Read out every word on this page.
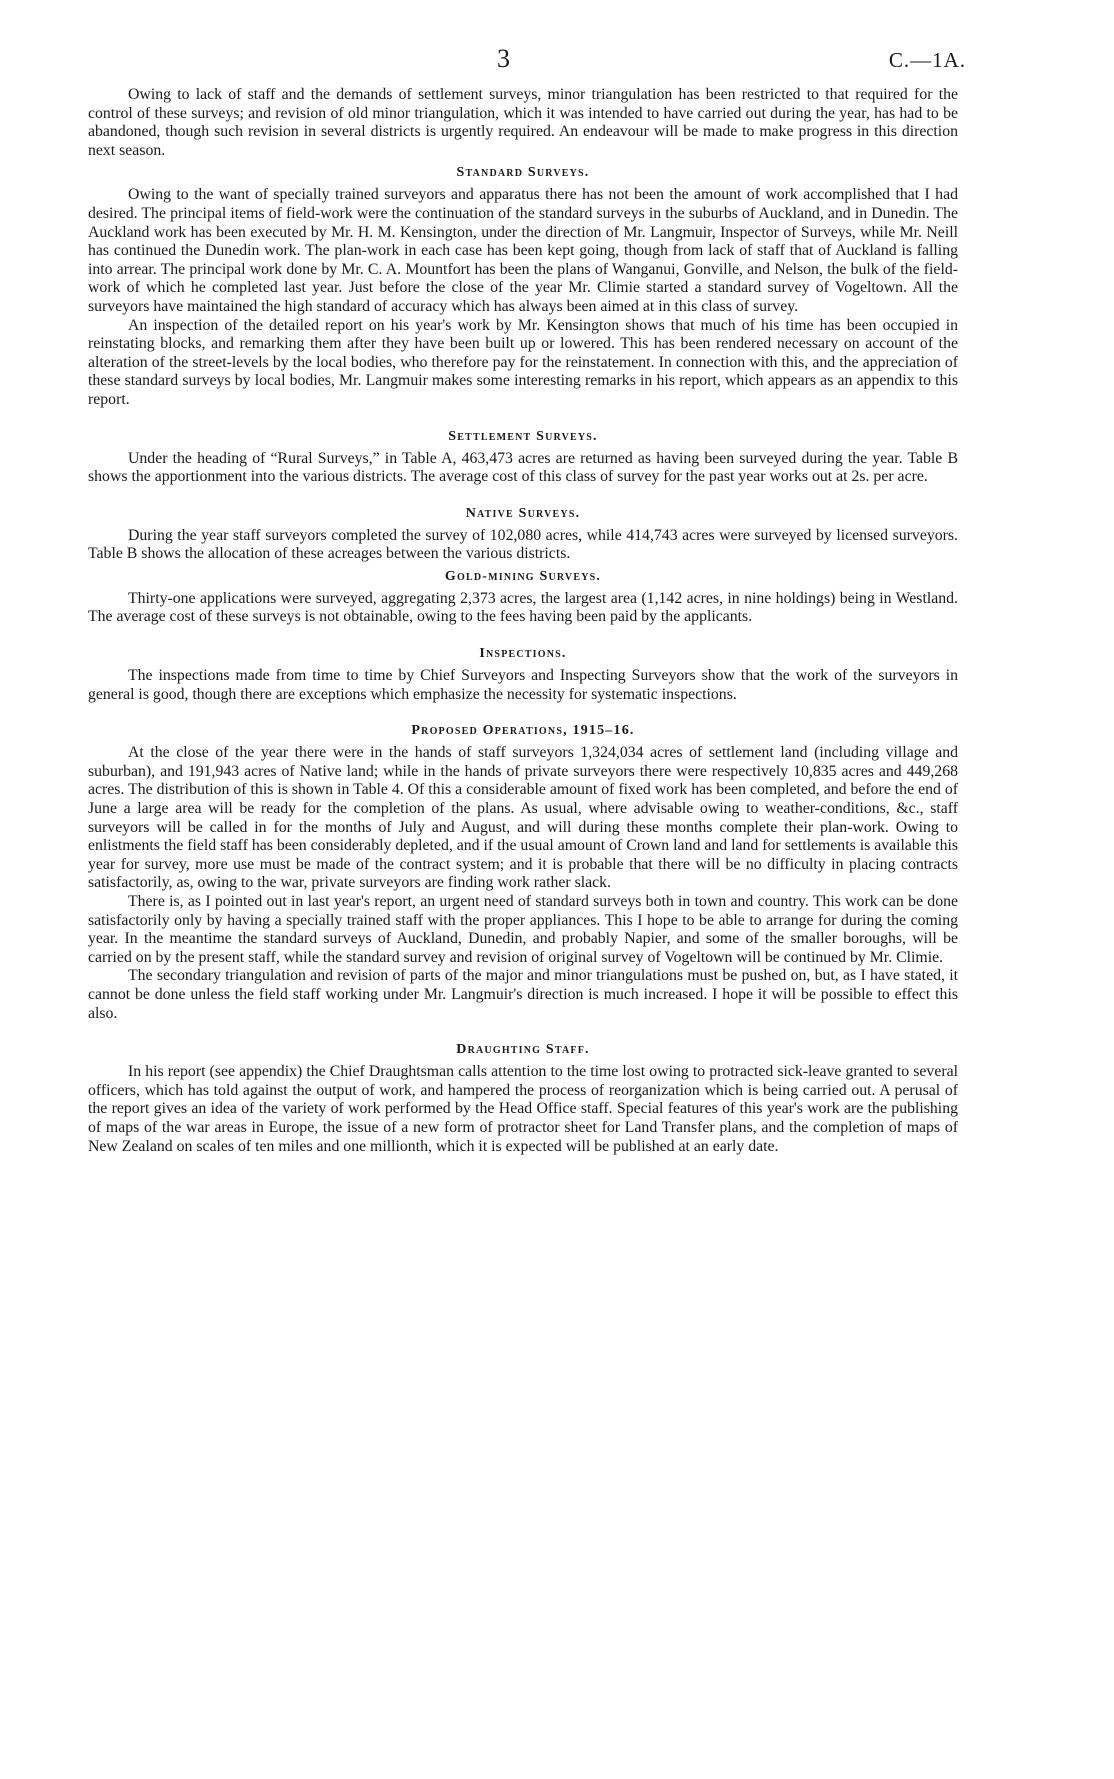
3	C.—1A.

Owing to lack of staff and the demands of settlement surveys, minor triangulation has been restricted to that required for the control of these surveys; and revision of old minor triangulation, which it was intended to have carried out during the year, has had to be abandoned, though such revision in several districts is urgently required. An endeavour will be made to make progress in this direction next season.

Standard Surveys.

Owing to the want of specially trained surveyors and apparatus there has not been the amount of work accomplished that I had desired. The principal items of field-work were the continuation of the standard surveys in the suburbs of Auckland, and in Dunedin. The Auckland work has been executed by Mr. H. M. Kensington, under the direction of Mr. Langmuir, Inspector of Surveys, while Mr. Neill has continued the Dunedin work. The plan-work in each case has been kept going, though from lack of staff that of Auckland is falling into arrear. The principal work done by Mr. C. A. Mountfort has been the plans of Wanganui, Gonville, and Nelson, the bulk of the field-work of which he completed last year. Just before the close of the year Mr. Climie started a standard survey of Vogeltown. All the surveyors have maintained the high standard of accuracy which has always been aimed at in this class of survey.

An inspection of the detailed report on his year's work by Mr. Kensington shows that much of his time has been occupied in reinstating blocks, and remarking them after they have been built up or lowered. This has been rendered necessary on account of the alteration of the street-levels by the local bodies, who therefore pay for the reinstatement. In connection with this, and the appreciation of these standard surveys by local bodies, Mr. Langmuir makes some interesting remarks in his report, which appears as an appendix to this report.

Settlement Surveys.

Under the heading of “Rural Surveys,” in Table A, 463,473 acres are returned as having been surveyed during the year. Table B shows the apportionment into the various districts. The average cost of this class of survey for the past year works out at 2s. per acre.

Native Surveys.

During the year staff surveyors completed the survey of 102,080 acres, while 414,743 acres were surveyed by licensed surveyors. Table B shows the allocation of these acreages between the various districts.

Gold-mining Surveys.

Thirty-one applications were surveyed, aggregating 2,373 acres, the largest area (1,142 acres, in nine holdings) being in Westland. The average cost of these surveys is not obtainable, owing to the fees having been paid by the applicants.

Inspections.

The inspections made from time to time by Chief Surveyors and Inspecting Surveyors show that the work of the surveyors in general is good, though there are exceptions which emphasize the necessity for systematic inspections.

Proposed Operations, 1915–16.

At the close of the year there were in the hands of staff surveyors 1,324,034 acres of settlement land (including village and suburban), and 191,943 acres of Native land; while in the hands of private surveyors there were respectively 10,835 acres and 449,268 acres. The distribution of this is shown in Table 4. Of this a considerable amount of fixed work has been completed, and before the end of June a large area will be ready for the completion of the plans. As usual, where advisable owing to weather-conditions, &c., staff surveyors will be called in for the months of July and August, and will during these months complete their plan-work. Owing to enlistments the field staff has been considerably depleted, and if the usual amount of Crown land and land for settlements is available this year for survey, more use must be made of the contract system; and it is probable that there will be no difficulty in placing contracts satisfactorily, as, owing to the war, private surveyors are finding work rather slack.

There is, as I pointed out in last year's report, an urgent need of standard surveys both in town and country. This work can be done satisfactorily only by having a specially trained staff with the proper appliances. This I hope to be able to arrange for during the coming year. In the meantime the standard surveys of Auckland, Dunedin, and probably Napier, and some of the smaller boroughs, will be carried on by the present staff, while the standard survey and revision of original survey of Vogeltown will be continued by Mr. Climie.

The secondary triangulation and revision of parts of the major and minor triangulations must be pushed on, but, as I have stated, it cannot be done unless the field staff working under Mr. Langmuir's direction is much increased. I hope it will be possible to effect this also.

Draughting Staff.

In his report (see appendix) the Chief Draughtsman calls attention to the time lost owing to protracted sick-leave granted to several officers, which has told against the output of work, and hampered the process of reorganization which is being carried out. A perusal of the report gives an idea of the variety of work performed by the Head Office staff. Special features of this year's work are the publishing of maps of the war areas in Europe, the issue of a new form of protractor sheet for Land Transfer plans, and the completion of maps of New Zealand on scales of ten miles and one millionth, which it is expected will be published at an early date.
